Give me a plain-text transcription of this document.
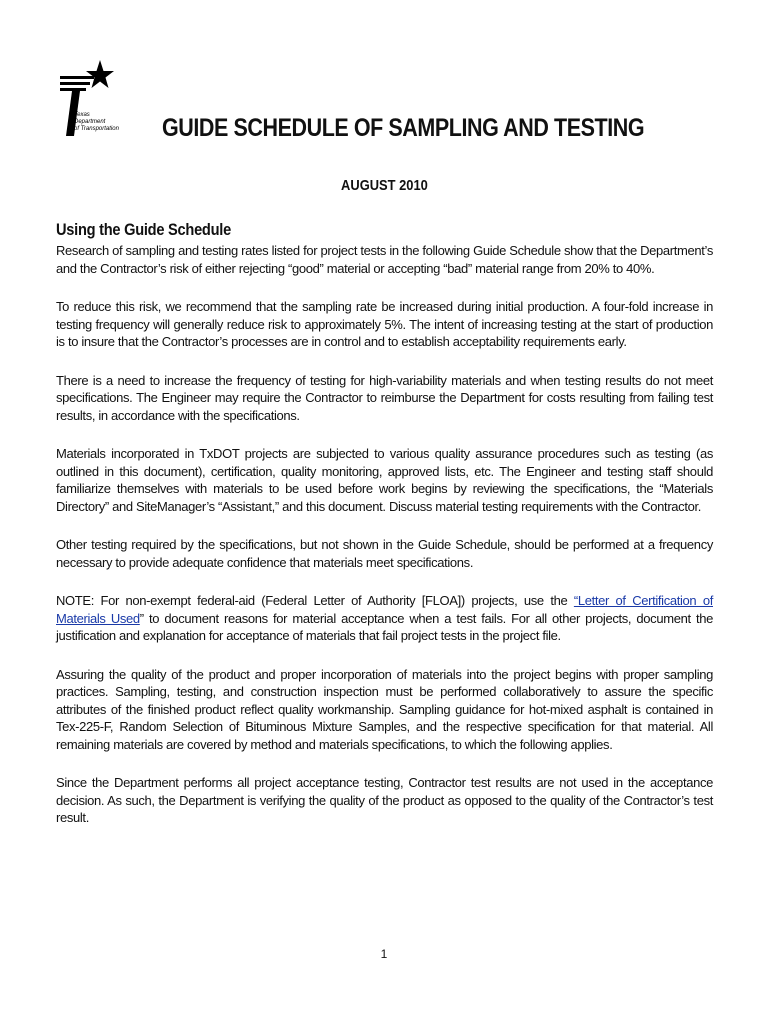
Texas
Department
of Transportation GUIDE SCHEDULE OF SAMPLING AND TESTING
AUGUST 2010
Using the Guide Schedule

Research of sampling and testing rates listed for project tests in the following Guide Schedule show that the Department’s and the Contractor’s risk of either rejecting “good” material or accepting “bad” material range from 20% to 40%.

To reduce this risk, we recommend that the sampling rate be increased during initial production. A four-fold increase in testing frequency will generally reduce risk to approximately 5%. The intent of increasing testing at the start of production is to insure that the Contractor’s processes are in control and to establish acceptability requirements early.

There is a need to increase the frequency of testing for high-variability materials and when testing results do not meet specifications. The Engineer may require the Contractor to reimburse the Department for costs resulting from failing test results, in accordance with the specifications.

Materials incorporated in TxDOT projects are subjected to various quality assurance procedures such as testing (as outlined in this document), certification, quality monitoring, approved lists, etc. The Engineer and testing staff should familiarize themselves with materials to be used before work begins by reviewing the specifications, the “Materials Directory” and SiteManager’s “Assistant,” and this document. Discuss material testing requirements with the Contractor.

Other testing required by the specifications, but not shown in the Guide Schedule, should be performed at a frequency necessary to provide adequate confidence that materials meet specifications.

NOTE: For non-exempt federal-aid (Federal Letter of Authority [FLOA]) projects, use the “Letter of Certification of Materials Used” to document reasons for material acceptance when a test fails. For all other projects, document the justification and explanation for acceptance of materials that fail project tests in the project file.

Assuring the quality of the product and proper incorporation of materials into the project begins with proper sampling practices. Sampling, testing, and construction inspection must be performed collaboratively to assure the specific attributes of the finished product reflect quality workmanship. Sampling guidance for hot-mixed asphalt is contained in Tex-225-F, Random Selection of Bituminous Mixture Samples, and the respective specification for that material. All remaining materials are covered by method and materials specifications, to which the following applies.

Since the Department performs all project acceptance testing, Contractor test results are not used in the acceptance decision. As such, the Department is verifying the quality of the product as opposed to the quality of the Contractor’s test result.

1
